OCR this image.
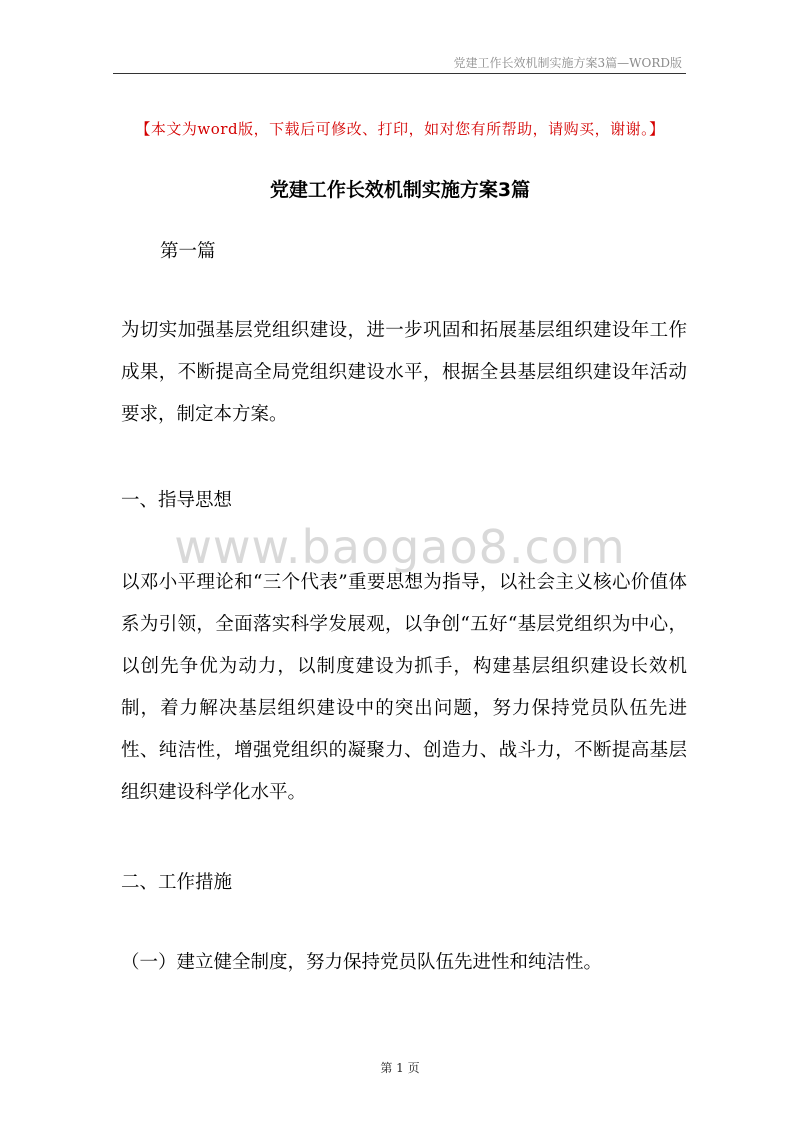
党建工作长效机制实施方案3篇—WORD版
【本文为word版，下载后可修改、打印，如对您有所帮助，请购买，谢谢。】
党建工作长效机制实施方案3篇
第一篇
为切实加强基层党组织建设，进一步巩固和拓展基层组织建设年工作成果，不断提高全局党组织建设水平，根据全县基层组织建设年活动要求，制定本方案。
一、指导思想
www.baogao8.com
以邓小平理论和“三个代表”重要思想为指导，以社会主义核心价值体系为引领，全面落实科学发展观，以争创“五好“基层党组织为中心，以创先争优为动力，以制度建设为抓手，构建基层组织建设长效机制，着力解决基层组织建设中的突出问题，努力保持党员队伍先进性、纯洁性，增强党组织的凝聚力、创造力、战斗力，不断提高基层组织建设科学化水平。
二、工作措施
（一）建立健全制度，努力保持党员队伍先进性和纯洁性。
第 1 页
